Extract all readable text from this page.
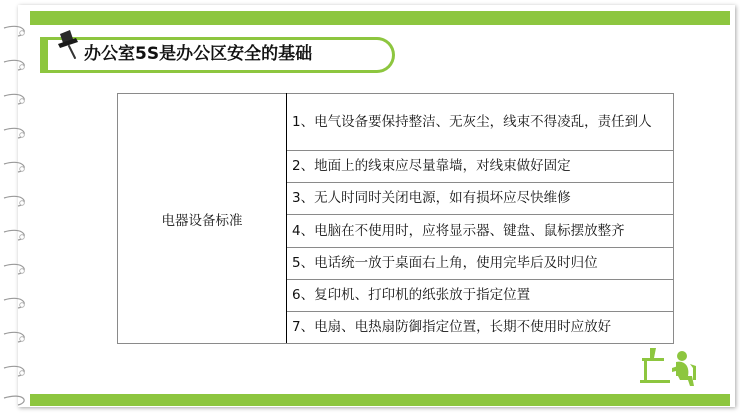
办公室5S是办公区安全的基础
电器设备标准	1、电气设备要保持整洁、无灰尘，线束不得凌乱，责任到人
2、地面上的线束应尽量靠墙，对线束做好固定
3、无人时同时关闭电源，如有损坏应尽快维修
4、电脑在不使用时，应将显示器、键盘、鼠标摆放整齐
5、电话统一放于桌面右上角，使用完毕后及时归位
6、复印机、打印机的纸张放于指定位置
7、电扇、电热扇防御指定位置，长期不使用时应放好
